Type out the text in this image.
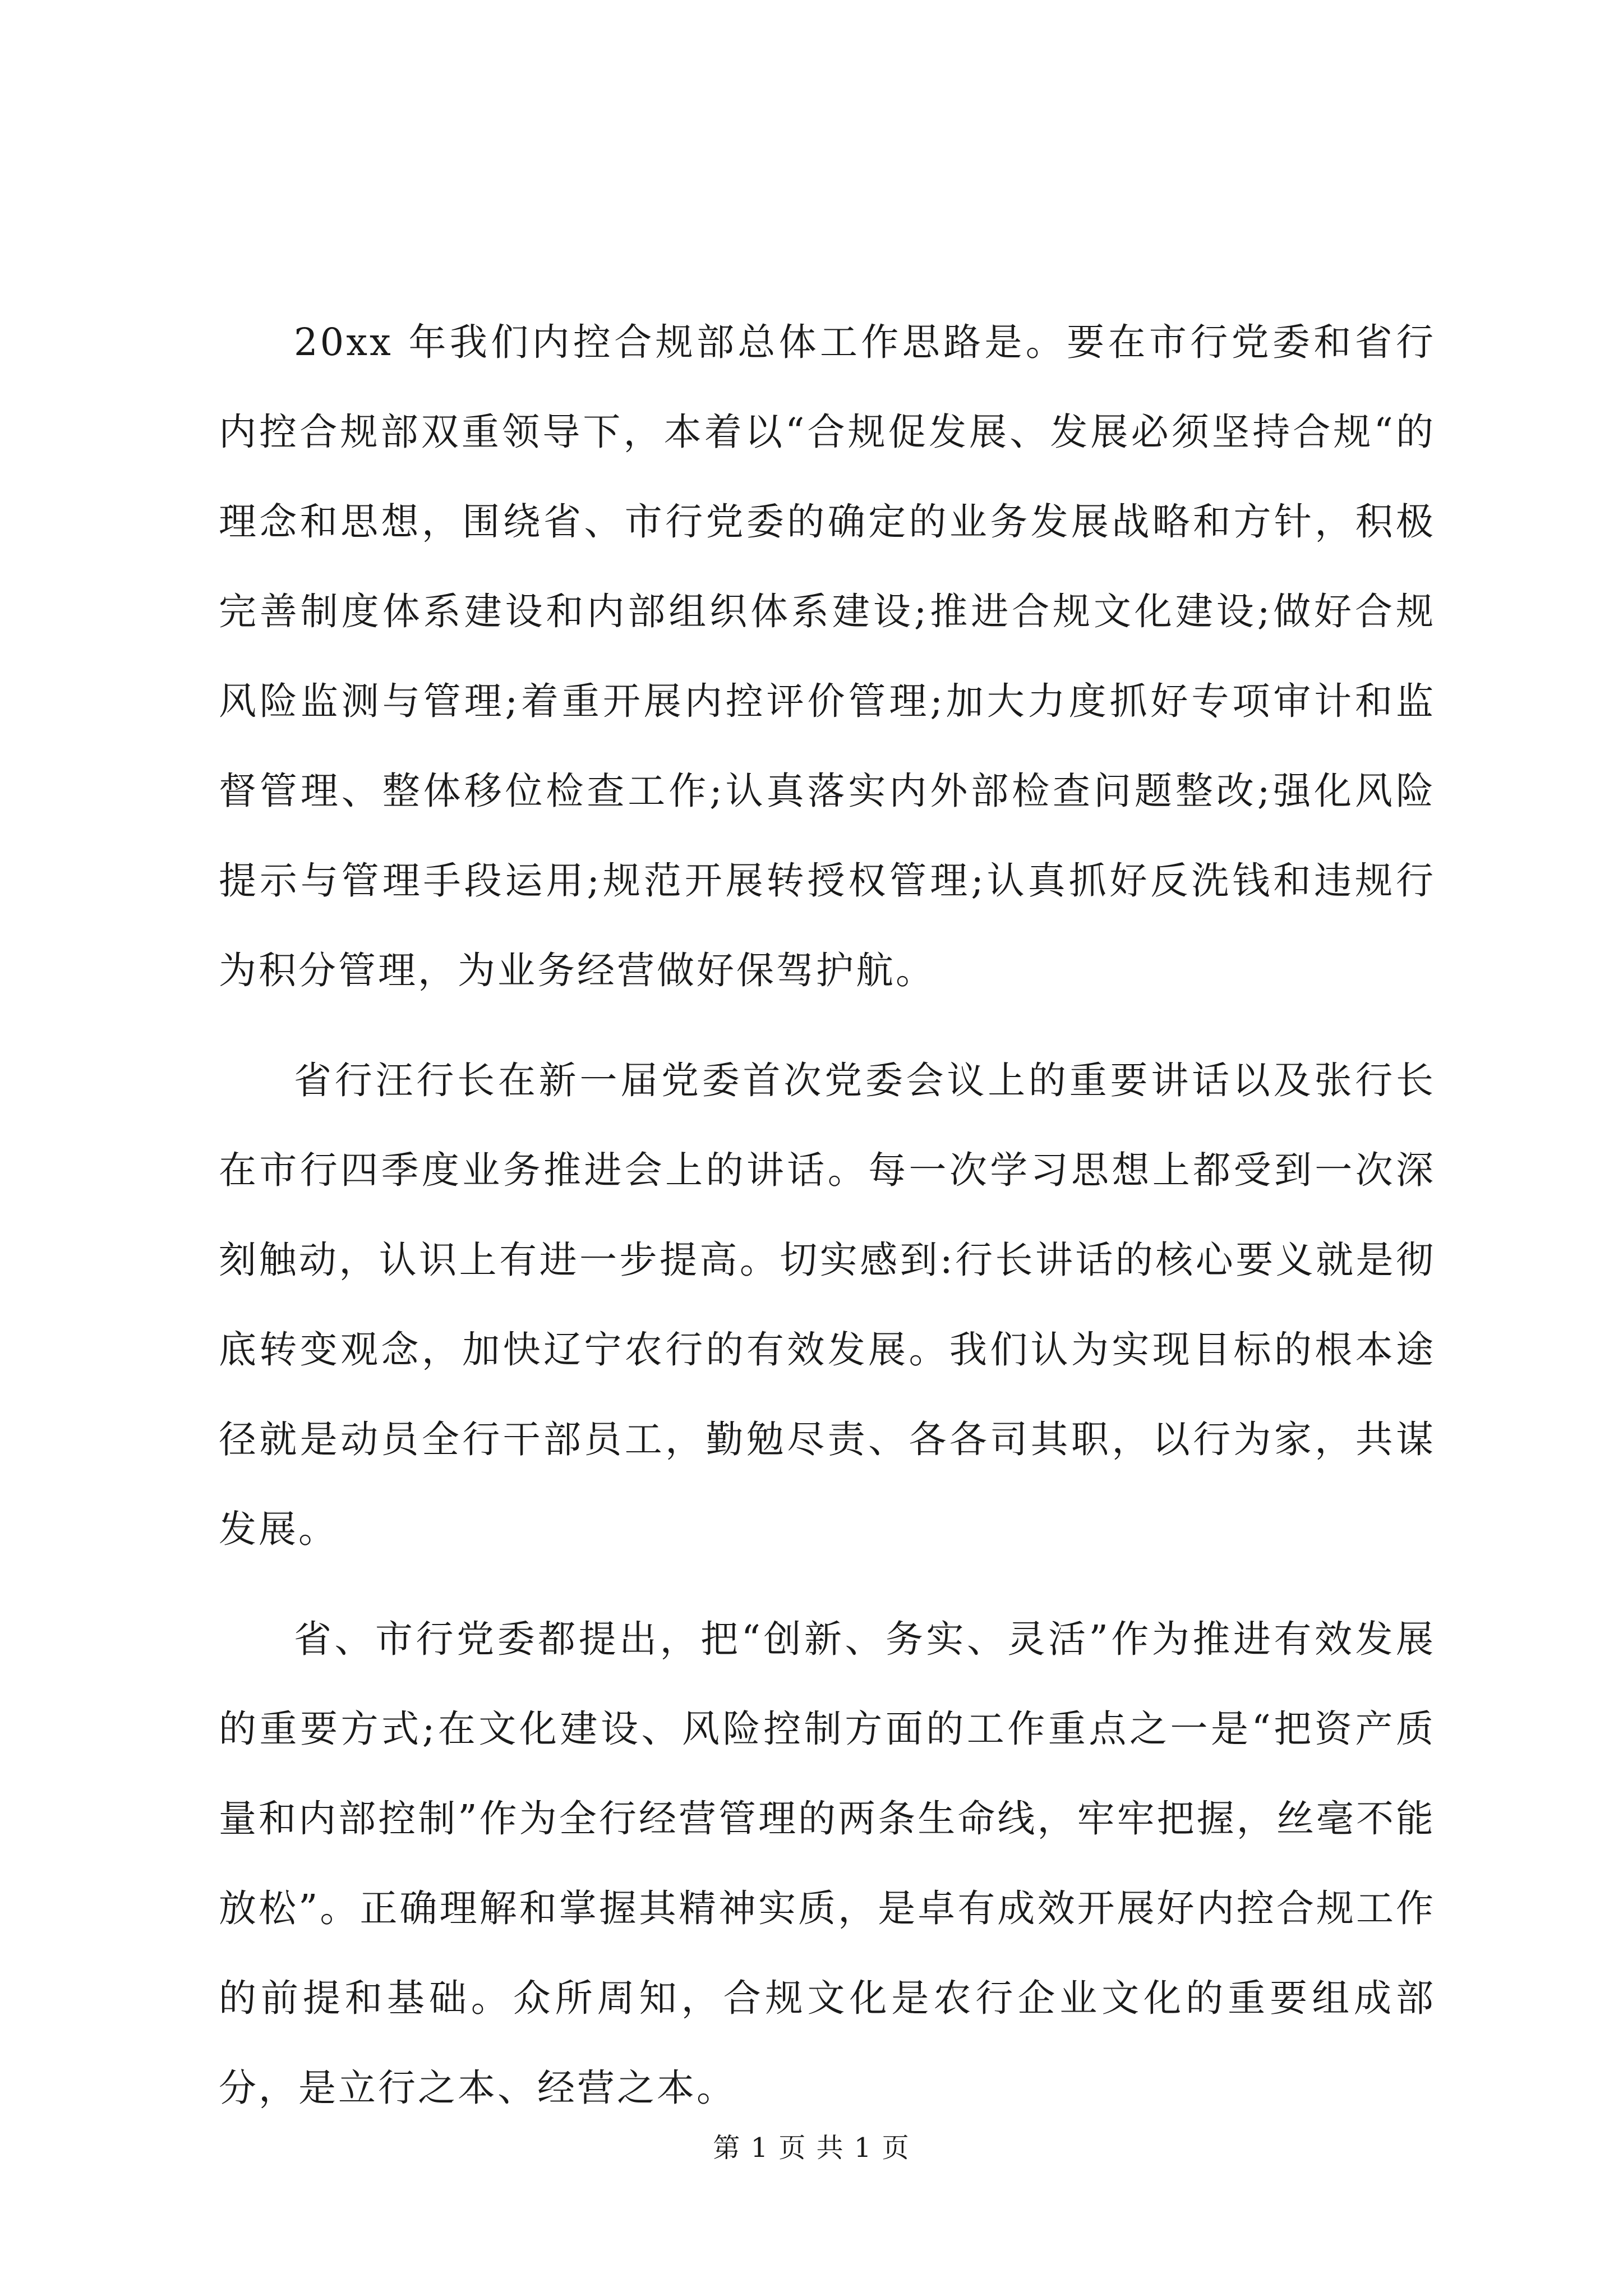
20xx 年我们内控合规部总体工作思路是。要在市行党委和省行内控合规部双重领导下，本着以“合规促发展、发展必须坚持合规“的理念和思想，围绕省、市行党委的确定的业务发展战略和方针，积极完善制度体系建设和内部组织体系建设;推进合规文化建设;做好合规风险监测与管理;着重开展内控评价管理;加大力度抓好专项审计和监督管理、整体移位检查工作;认真落实内外部检查问题整改;强化风险提示与管理手段运用;规范开展转授权管理;认真抓好反洗钱和违规行为积分管理，为业务经营做好保驾护航。

省行汪行长在新一届党委首次党委会议上的重要讲话以及张行长在市行四季度业务推进会上的讲话。每一次学习思想上都受到一次深刻触动，认识上有进一步提高。切实感到:行长讲话的核心要义就是彻底转变观念，加快辽宁农行的有效发展。我们认为实现目标的根本途径就是动员全行干部员工，勤勉尽责、各各司其职，以行为家，共谋发展。

省、市行党委都提出，把“创新、务实、灵活”作为推进有效发展的重要方式;在文化建设、风险控制方面的工作重点之一是“把资产质量和内部控制”作为全行经营管理的两条生命线，牢牢把握，丝毫不能放松”。正确理解和掌握其精神实质，是卓有成效开展好内控合规工作的前提和基础。众所周知，合规文化是农行企业文化的重要组成部分，是立行之本、经营之本。

第 1 页 共 1 页
